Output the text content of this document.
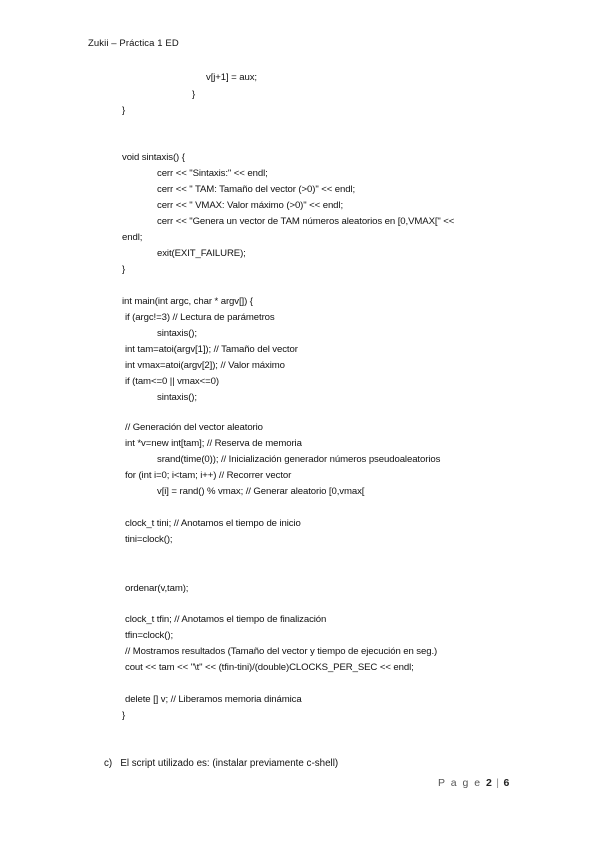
Zukii – Práctica 1 ED
v[j+1] = aux;
}
}
void sintaxis() {
cerr << "Sintaxis:" << endl;
cerr << " TAM: Tamaño del vector (>0)" << endl;
cerr << " VMAX: Valor máximo (>0)" << endl;
cerr << "Genera un vector de TAM números aleatorios en [0,VMAX[" <<
endl;
exit(EXIT_FAILURE);
}
int main(int argc, char * argv[]) {
if (argc!=3) // Lectura de parámetros
sintaxis();
int tam=atoi(argv[1]); // Tamaño del vector
int vmax=atoi(argv[2]); // Valor máximo
if (tam<=0 || vmax<=0)
sintaxis();
// Generación del vector aleatorio
int *v=new int[tam]; // Reserva de memoria
srand(time(0)); // Inicialización generador números pseudoaleatorios
for (int i=0; i<tam; i++) // Recorrer vector
v[i] = rand() % vmax; // Generar aleatorio [0,vmax[
clock_t tini; // Anotamos el tiempo de inicio
tini=clock();
ordenar(v,tam);
clock_t tfin; // Anotamos el tiempo de finalización
tfin=clock();
// Mostramos resultados (Tamaño del vector y tiempo de ejecución en seg.)
cout << tam << "\t" << (tfin-tini)/(double)CLOCKS_PER_SEC << endl;
delete [] v; // Liberamos memoria dinámica
}
c) El script utilizado es: (instalar previamente c-shell)
P a g e 2 | 6
